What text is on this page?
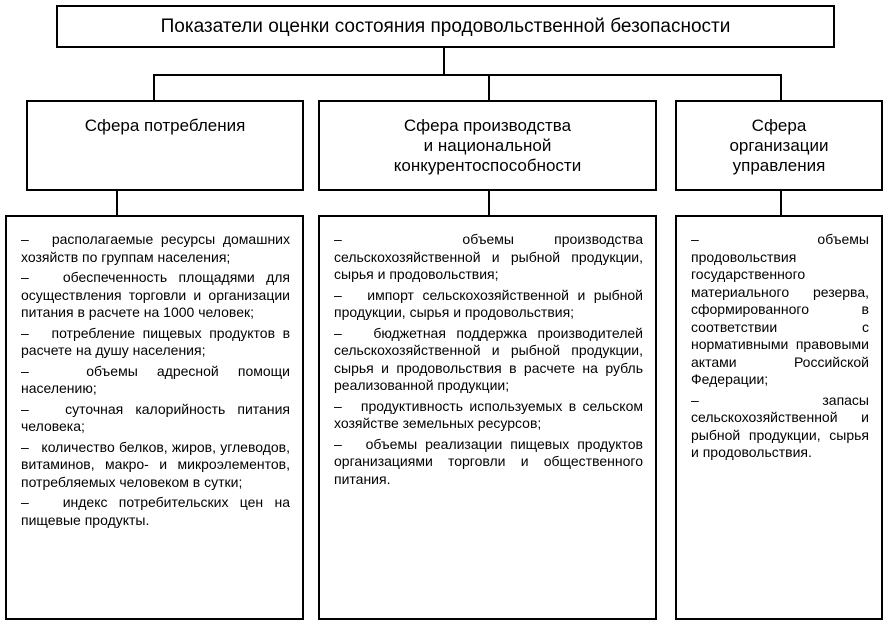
Показатели оценки состояния продовольственной безопасности
Сфера потребления	Сфера производства
и национальной
конкурентоспособности
Сфера
организации
управления
–   располагаемые ресурсы домашних хозяйств по группам населения;
–   обеспеченность площадями для осуществления торговли и организации питания в расчете на 1000 человек;
–   потребление пищевых продуктов в расчете на душу населения;
–   объемы адресной помощи населению;
–   суточная калорийность питания человека;
–   количество белков, жиров, углеводов, витаминов, макро- и микроэлементов, потребляемых человеком в сутки;
–   индекс потребительских цен на пищевые продукты.
–   объемы производства сельскохозяйственной и рыбной продукции, сырья и продовольствия;
–   импорт сельскохозяйственной и рыбной продукции, сырья и продовольствия;
–   бюджетная поддержка производителей сельскохозяйственной и рыбной продукции, сырья и продовольствия в расчете на рубль реализованной продукции;
–   продуктивность используемых в сельском хозяйстве земельных ресурсов;
–   объемы реализации пищевых продуктов организациями торговли и общественного питания.
–   объемы продовольствия государственного материального резерва, сформированного в соответствии с нормативными правовыми актами Российской Федерации;
–   запасы сельскохозяйственной и рыбной продукции, сырья и продовольствия.
